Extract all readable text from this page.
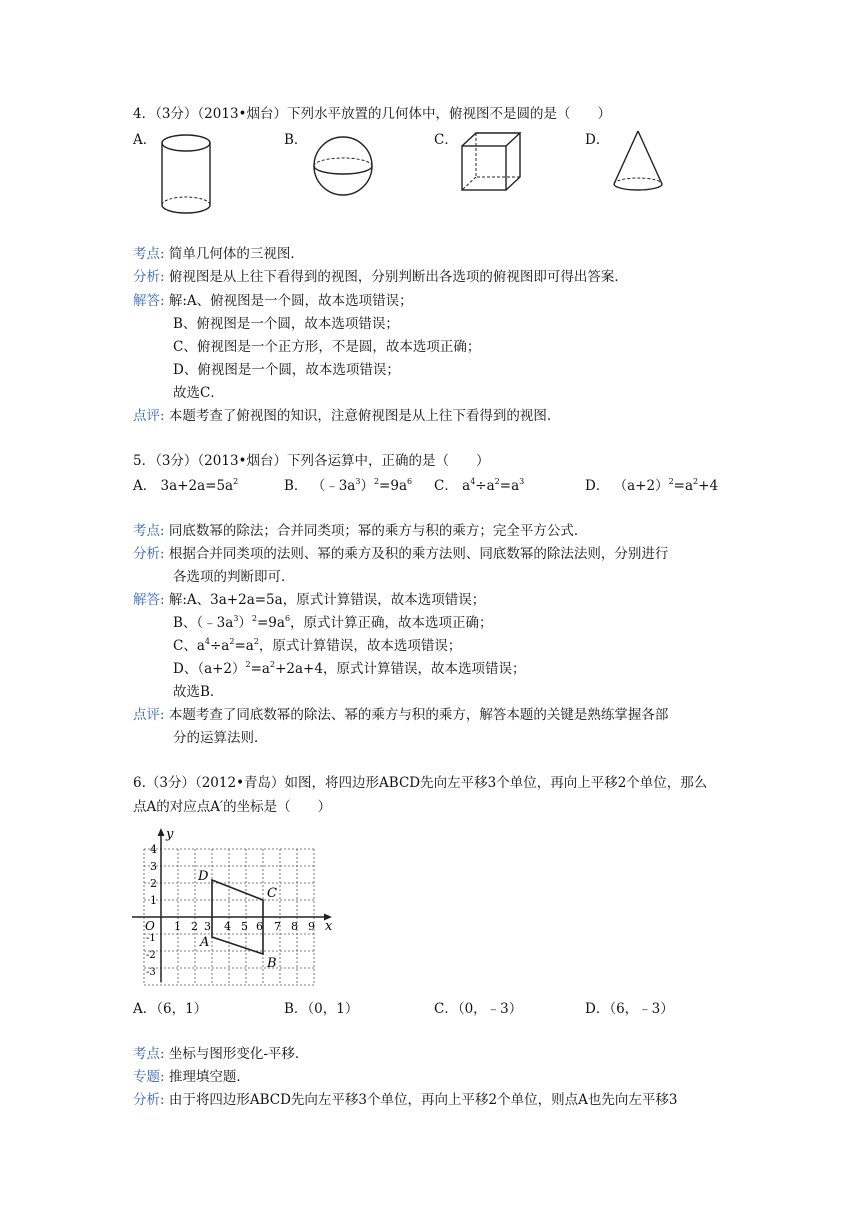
4．（3分）（2013•烟台）下列水平放置的几何体中，俯视图不是圆的是（　　）
A．	B．	C．	D．
考点: 简单几何体的三视图．
分析: 俯视图是从上往下看得到的视图，分别判断出各选项的俯视图即可得出答案．
解答: 解:A、俯视图是一个圆，故本选项错误；
B、俯视图是一个圆，故本选项错误；
C、俯视图是一个正方形，不是圆，故本选项正确；
D、俯视图是一个圆，故本选项错误；
故选C．
点评: 本题考查了俯视图的知识，注意俯视图是从上往下看得到的视图．
5．（3分）（2013•烟台）下列各运算中，正确的是（　　）
A． $3a+2a=5a^2$	B． $(﹣3a^3)^2=9a^6$ C． $a^4\div a^2=a^3$	D． $(a+2)^2=a^2+4$
考点: 同底数幂的除法；合并同类项；幂的乘方与积的乘方；完全平方公式．
分析: 根据合并同类项的法则、幂的乘方及积的乘方法则、同底数幂的除法法则，分别进行
各选项的判断即可．
解答: 解:A、3a+2a=5a，原式计算错误，故本选项错误；
B、$(﹣3a^3)^2=9a^6$，原式计算正确，故本选项正确；
C、$a^4\div a^2=a^2$，原式计算错误，故本选项错误；
D、$(a+2)^2=a^2+2a+4$，原式计算错误，故本选项错误；
故选B．
点评: 本题考查了同底数幂的除法、幂的乘方与积的乘方，解答本题的关键是熟练掌握各部
分的运算法则．
6.（3分）（2012•青岛）如图，将四边形ABCD先向左平移3个单位，再向上平移2个单位，那么
点A的对应点A′的坐标是（　　）
x
y
O 1 2 3 4 5 6 7 8 9
1
2
3
4
-1
-2
-3
D
C
A
B
A．（6，1）	B．（0，1）	C．（0，﹣3）	D．（6，﹣3）
考点: 坐标与图形变化-平移．
专题: 推理填空题．
分析: 由于将四边形ABCD先向左平移3个单位，再向上平移2个单位，则点A也先向左平移3
